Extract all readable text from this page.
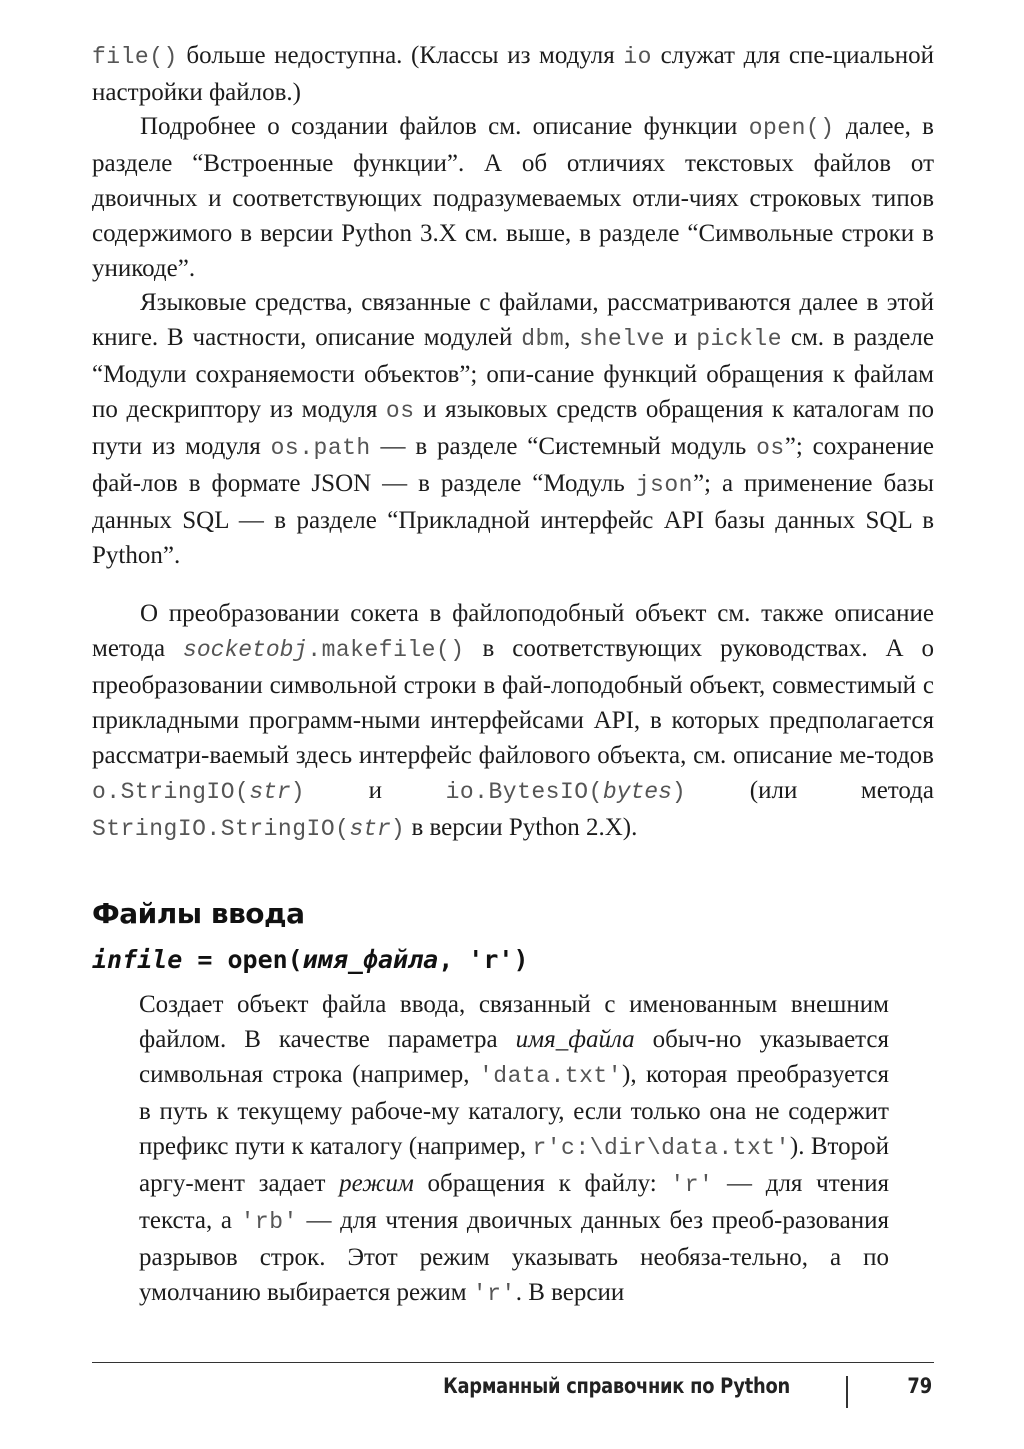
file() больше недоступна. (Классы из модуля io служат для спе-циальной настройки файлов.)

Подробнее о создании файлов см. описание функции open() далее, в разделе “Встроенные функции”. А об отличиях текстовых файлов от двоичных и соответствующих подразумеваемых отли-чиях строковых типов содержимого в версии Python 3.X см. выше, в разделе “Символьные строки в уникоде”.

Языковые средства, связанные с файлами, рассматриваются далее в этой книге. В частности, описание модулей dbm, shelve и pickle см. в разделе “Модули сохраняемости объектов”; опи-сание функций обращения к файлам по дескриптору из модуля os и языковых средств обращения к каталогам по пути из модуля os.path — в разделе “Системный модуль os”; сохранение фай-лов в формате JSON — в разделе “Модуль json”; а применение базы данных SQL — в разделе “Прикладной интерфейс API базы данных SQL в Python”.

О преобразовании сокета в файлоподобный объект см. также описание метода socketobj.makefile() в соответствующих руководствах. А о преобразовании символьной строки в фай-лоподобный объект, совместимый с прикладными программ-ными интерфейсами API, в которых предполагается рассматри-ваемый здесь интерфейс файлового объекта, см. описание ме-тодов o.StringIO(str) и io.BytesIO(bytes) (или метода StringIO.StringIO(str) в версии Python 2.X).

Файлы ввода

infile = open(имя_файла, 'r')

Создает объект файла ввода, связанный с именованным внешним файлом. В качестве параметра имя_файла обыч-но указывается символьная строка (например, 'data.txt'), которая преобразуется в путь к текущему рабоче-му каталогу, если только она не содержит префикс пути к каталогу (например, r'c:\dir\data.txt'). Второй аргу-мент задает режим обращения к файлу: 'r' — для чтения текста, а 'rb' — для чтения двоичных данных без преоб-разования разрывов строк. Этот режим указывать необяза-тельно, а по умолчанию выбирается режим 'r'. В версии

Карманный справочник по Python	79
